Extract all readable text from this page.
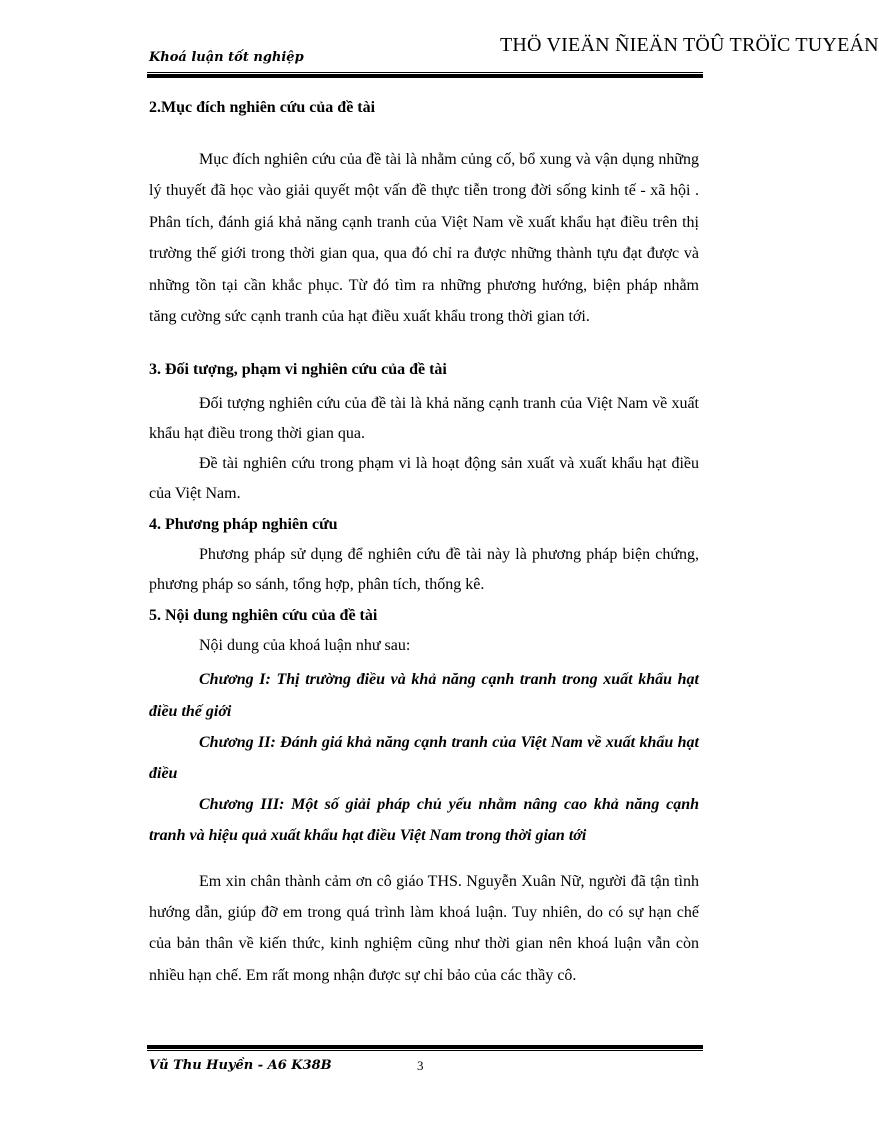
Khoá luận tốt nghiệp
THÖ VIEÄN ÑIEÄN TÖÛ TRÖÏC TUYEÁN
2.Mục đích nghiên cứu của đề tài

Mục đích nghiên cứu của đề tài là nhằm củng cố, bổ xung và vận dụng những lý thuyết đã học vào giải quyết một vấn đề thực tiễn trong đời sống kinh tế - xã hội . Phân tích, đánh giá khả năng cạnh tranh của Việt Nam về xuất khẩu hạt điều trên thị trường thế giới trong thời gian qua, qua đó chỉ ra được những thành tựu đạt được và những tồn tại cần khắc phục. Từ đó tìm ra những phương hướng, biện pháp nhằm tăng cường sức cạnh tranh của hạt điều xuất khẩu trong thời gian tới.

3. Đối tượng, phạm vi nghiên cứu của đề tài

Đối tượng nghiên cứu của đề tài là khả năng cạnh tranh của Việt Nam về xuất khẩu hạt điều trong thời gian qua.

Đề tài nghiên cứu trong phạm vi là hoạt động sản xuất và xuất khẩu hạt điều của Việt Nam.

4. Phương pháp nghiên cứu

Phương pháp sử dụng để nghiên cứu đề tài này là phương pháp biện chứng, phương pháp so sánh, tổng hợp, phân tích, thống kê.

5. Nội dung nghiên cứu của đề tài

Nội dung của khoá luận như sau:

Chương I: Thị trường điều và khả năng cạnh tranh trong xuất khẩu hạt điều thế giới

Chương II: Đánh giá khả năng cạnh tranh của Việt Nam về xuất khẩu hạt điều

Chương III: Một số giải pháp chủ yếu nhằm nâng cao khả năng cạnh tranh và hiệu quả xuất khẩu hạt điều Việt Nam trong thời gian tới

Em xin chân thành cảm ơn cô giáo THS. Nguyễn Xuân Nữ, người đã tận tình hướng dẫn, giúp đỡ em trong quá trình làm khoá luận. Tuy nhiên, do có sự hạn chế của bản thân về kiến thức, kinh nghiệm cũng như thời gian nên khoá luận vẫn còn nhiều hạn chế. Em rất mong nhận được sự chỉ bảo của các thầy cô.

Vũ Thu Huyền - A6 K38B	3
